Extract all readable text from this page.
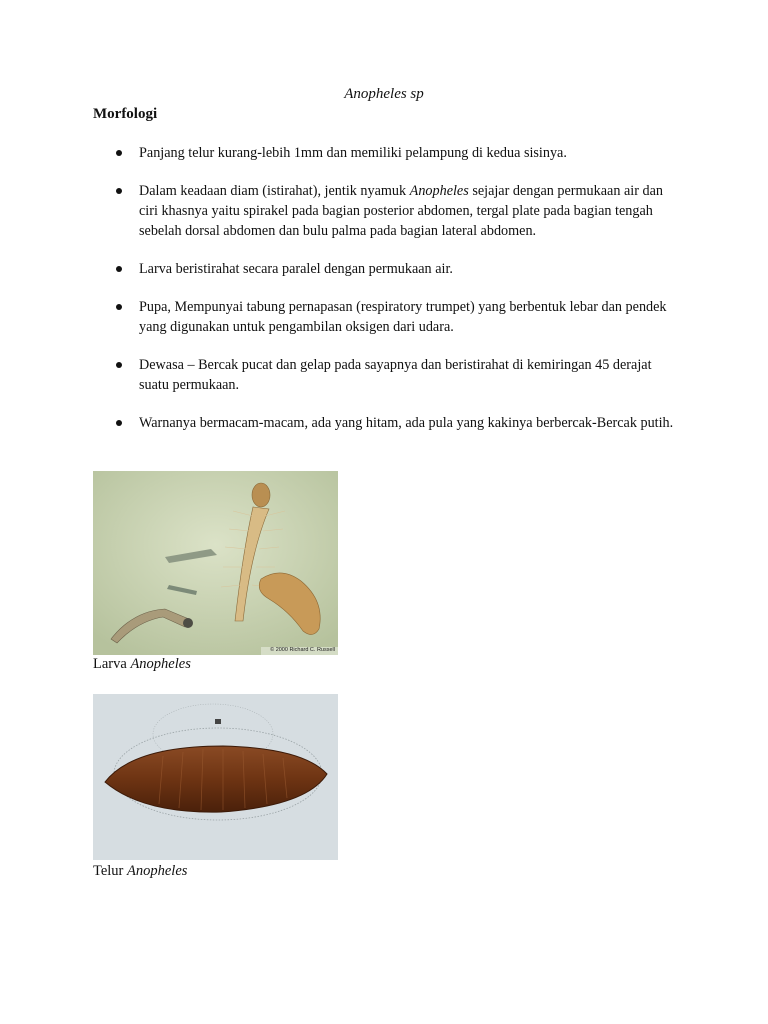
Anopheles sp
Morfologi
Panjang telur kurang-lebih 1mm dan memiliki pelampung di kedua sisinya.
Dalam keadaan diam (istirahat), jentik nyamuk Anopheles sejajar dengan permukaan air dan ciri khasnya yaitu spirakel pada bagian posterior abdomen, tergal plate pada bagian tengah sebelah dorsal abdomen dan bulu palma pada bagian lateral abdomen.
Larva beristirahat secara paralel dengan permukaan air.
Pupa, Mempunyai tabung pernapasan (respiratory trumpet) yang berbentuk lebar dan pendek yang digunakan untuk pengambilan oksigen dari udara.
Dewasa – Bercak pucat dan gelap pada sayapnya dan beristirahat di kemiringan 45 derajat suatu permukaan.
Warnanya bermacam-macam, ada yang hitam, ada pula yang kakinya berbercak-Bercak putih.
© 2000 Richard C. Russell
Larva Anopheles
Telur Anopheles
